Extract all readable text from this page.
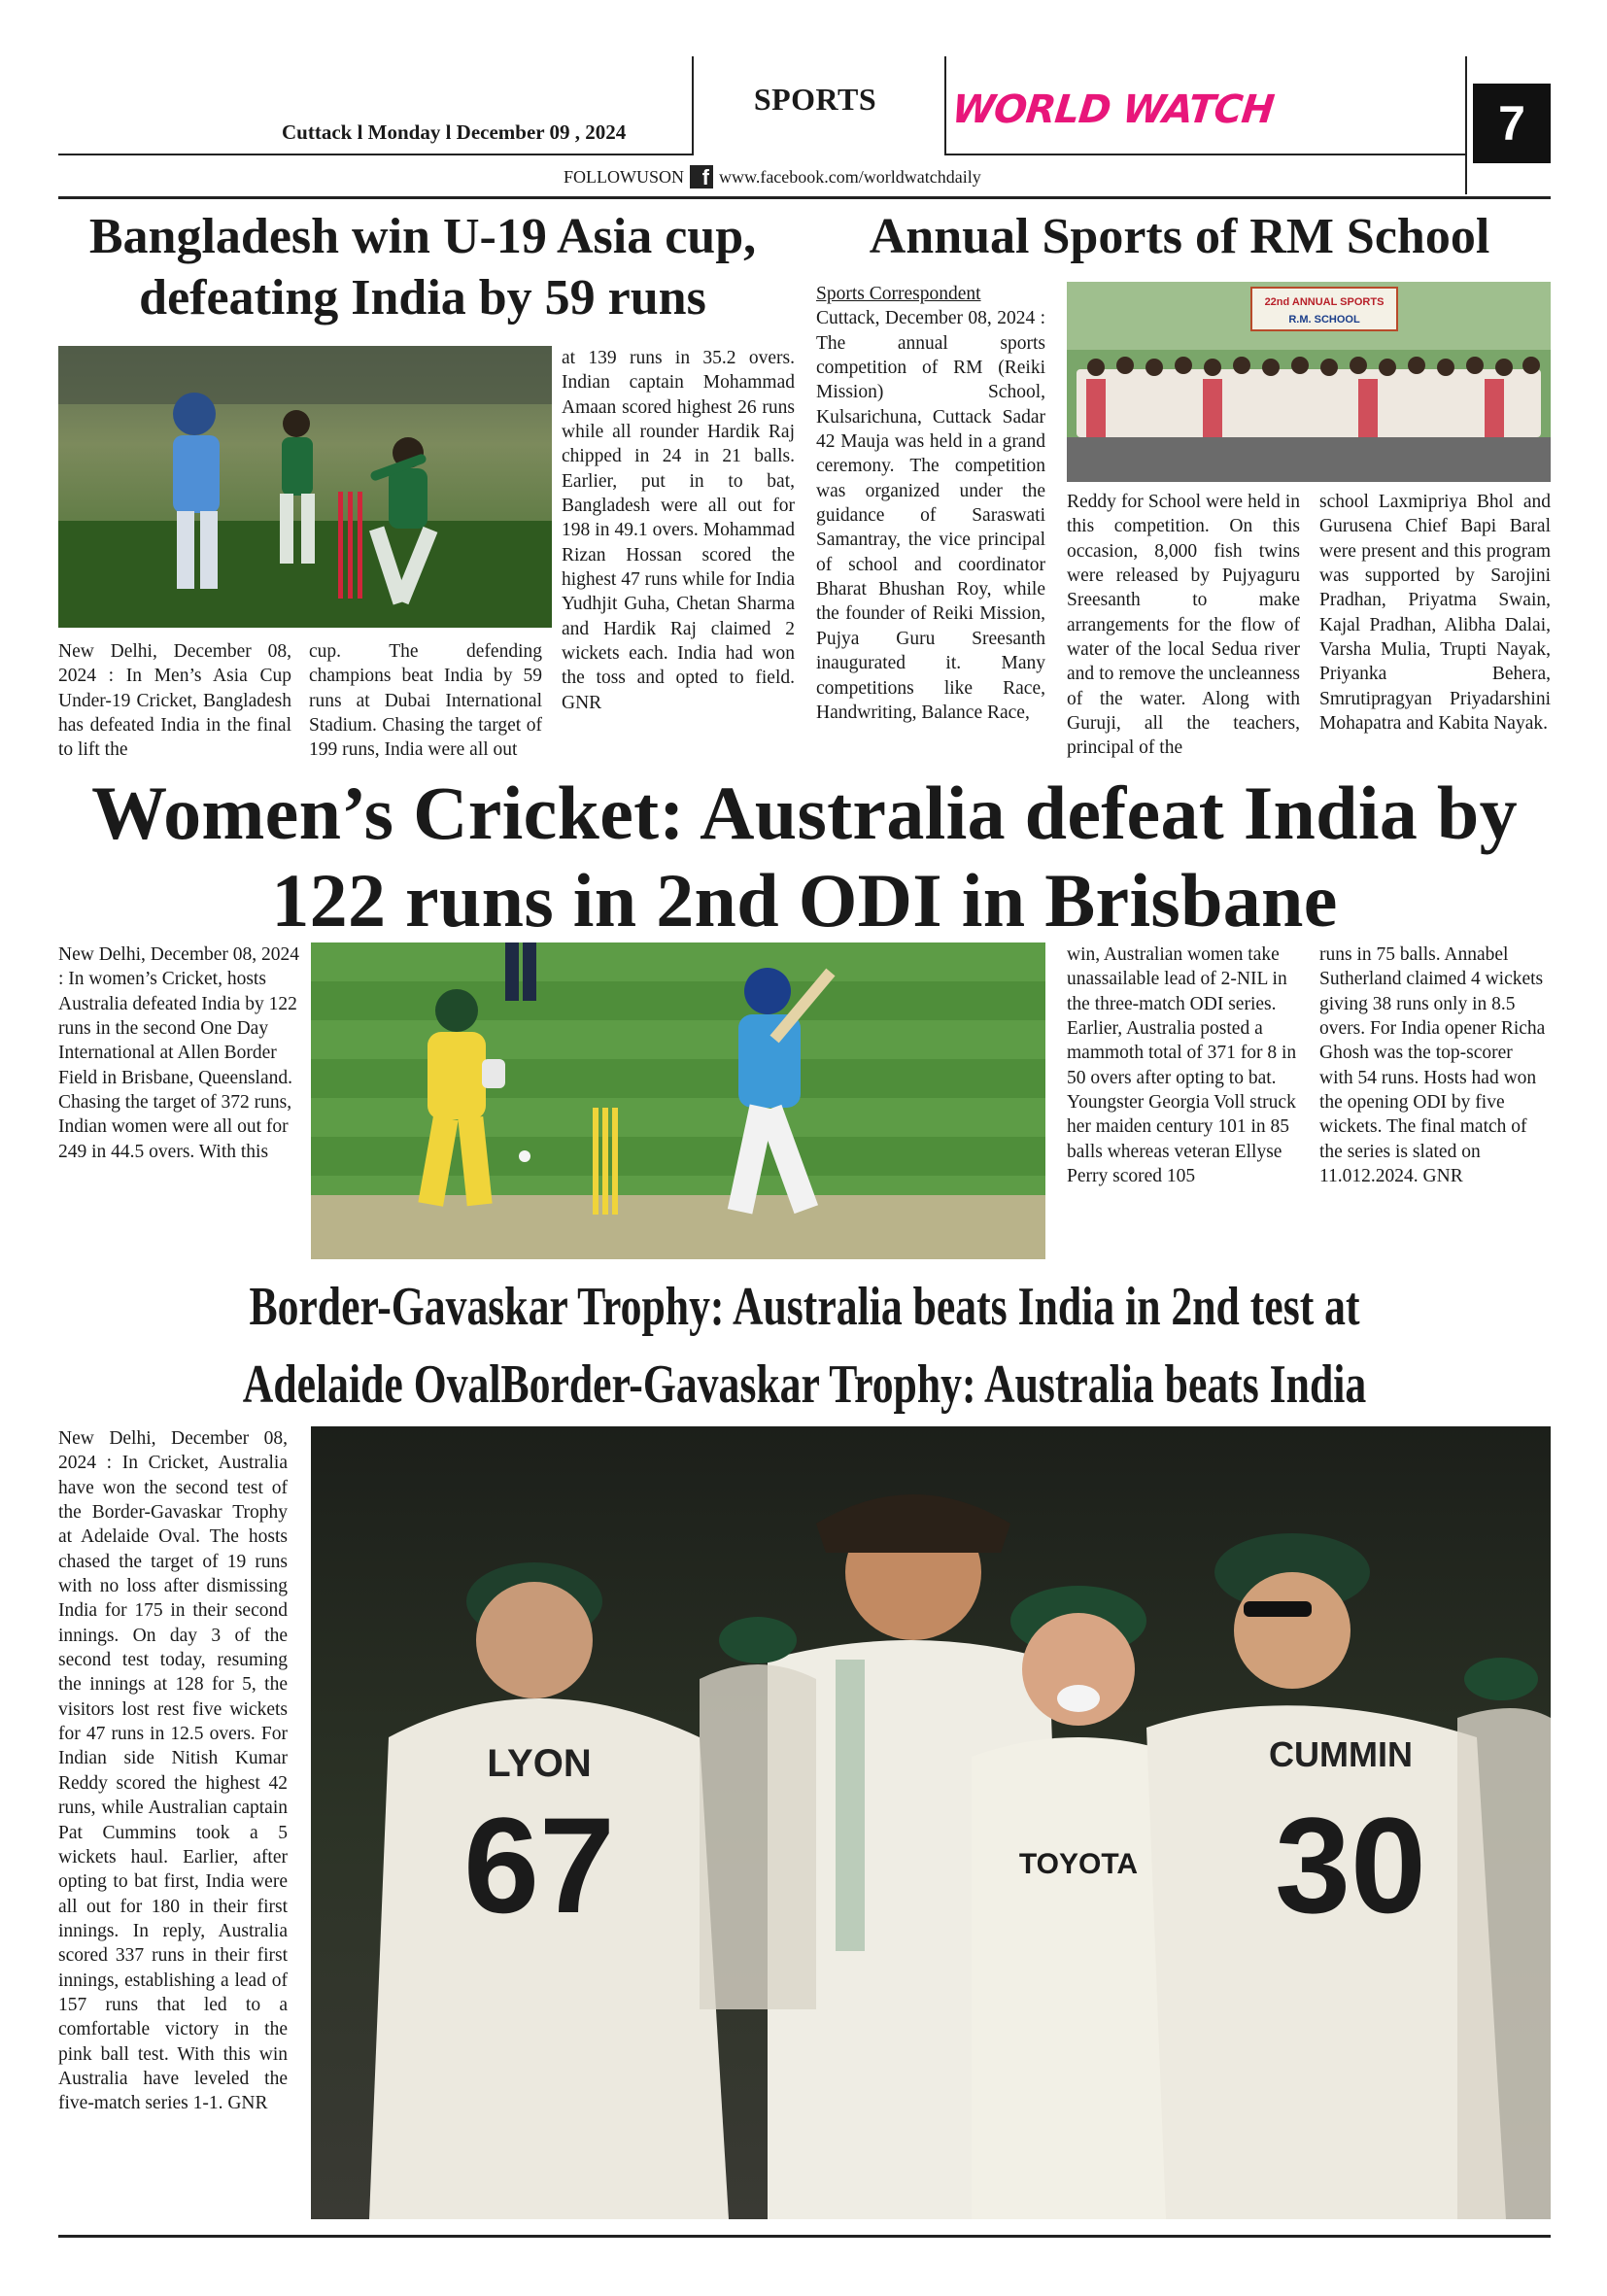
Cuttack l Monday l December 09 , 2024
SPORTS	WORLD WATCH	7
FOLLOWUSON f www.facebook.com/worldwatchdaily
Bangladesh win U-19 Asia cup, defeating India by 59 runs
New Delhi, December 08, 2024 : In Men’s Asia Cup Under-19 Cricket, Bangladesh has defeated India in the final to lift the
cup. The defending champions beat India by 59 runs at Dubai International Stadium. Chasing the target of 199 runs, India were all out
at 139 runs in 35.2 overs. Indian captain Mohammad Amaan scored highest 26 runs while all rounder Hardik Raj chipped in 24 in 21 balls. Earlier, put in to bat, Bangladesh were all out for 198 in 49.1 overs. Mohammad Rizan Hossan scored the highest 47 runs while for India Yudhjit Guha, Chetan Sharma and Hardik Raj claimed 2 wickets each. India had won the toss and opted to field. GNR
Annual Sports of RM School
22nd ANNUAL SPORTS
R.M. SCHOOL
Sports Correspondent
Cuttack, December 08, 2024 : The annual sports competition of RM (Reiki Mission) School, Kulsarichuna, Cuttack Sadar 42 Mauja was held in a grand ceremony. The competition was organized under the guidance of Saraswati Samantray, the vice principal of school and coordinator Bharat Bhushan Roy, while the founder of Reiki Mission, Pujya Guru Sreesanth inaugurated it. Many competitions like Race, Handwriting, Balance Race,
Reddy for School were held in this competition. On this occasion, 8,000 fish twins were released by Pujyaguru Sreesanth to make arrangements for the flow of water of the local Sedua river and to remove the uncleanness of the water. Along with Guruji, all the teachers, principal of the
school Laxmipriya Bhol and Gurusena Chief Bapi Baral were present and this program was supported by Sarojini Pradhan, Priyatma Swain, Kajal Pradhan, Alibha Dalai, Varsha Mulia, Trupti Nayak, Priyanka Behera, Smrutipragyan Priyadarshini Mohapatra and Kabita Nayak.
Women’s Cricket: Australia defeat India by 122 runs in 2nd ODI in Brisbane
New Delhi, December 08, 2024 : In women’s Cricket, hosts Australia defeated India by 122 runs in the second One Day International at Allen Border Field in Brisbane, Queensland. Chasing the target of 372 runs, Indian women were all out for 249 in 44.5 overs. With this
win, Australian women take unassailable lead of 2-NIL in the three-match ODI series. Earlier, Australia posted a mammoth total of 371 for 8 in 50 overs after opting to bat. Youngster Georgia Voll struck her maiden century 101 in 85 balls whereas veteran Ellyse Perry scored 105
runs in 75 balls. Annabel Sutherland claimed 4 wickets giving 38 runs only in 8.5 overs. For India opener Richa Ghosh was the top-scorer with 54 runs. Hosts had won the opening ODI by five wickets. The final match of the series is slated on 11.012.2024. GNR
Border-Gavaskar Trophy: Australia beats India in 2nd test at Adelaide OvalBorder-Gavaskar Trophy: Australia beats India
New Delhi, December 08, 2024 : In Cricket, Australia have won the second test of the Border-Gavaskar Trophy at Adelaide Oval. The hosts chased the target of 19 runs with no loss after dismissing India for 175 in their second innings. On day 3 of the second test today, resuming the innings at 128 for 5, the visitors lost rest five wickets for 47 runs in 12.5 overs. For Indian side Nitish Kumar Reddy scored the highest 42 runs, while Australian captain Pat Cummins took a 5 wickets haul. Earlier, after opting to bat first, India were all out for 180 in their first innings. In reply, Australia scored 337 runs in their first innings, establishing a lead of 157 runs that led to a comfortable victory in the pink ball test. With this win Australia have leveled the five-match series 1-1. GNR
LYON
67	TOYOTA
CUMMIN
30
